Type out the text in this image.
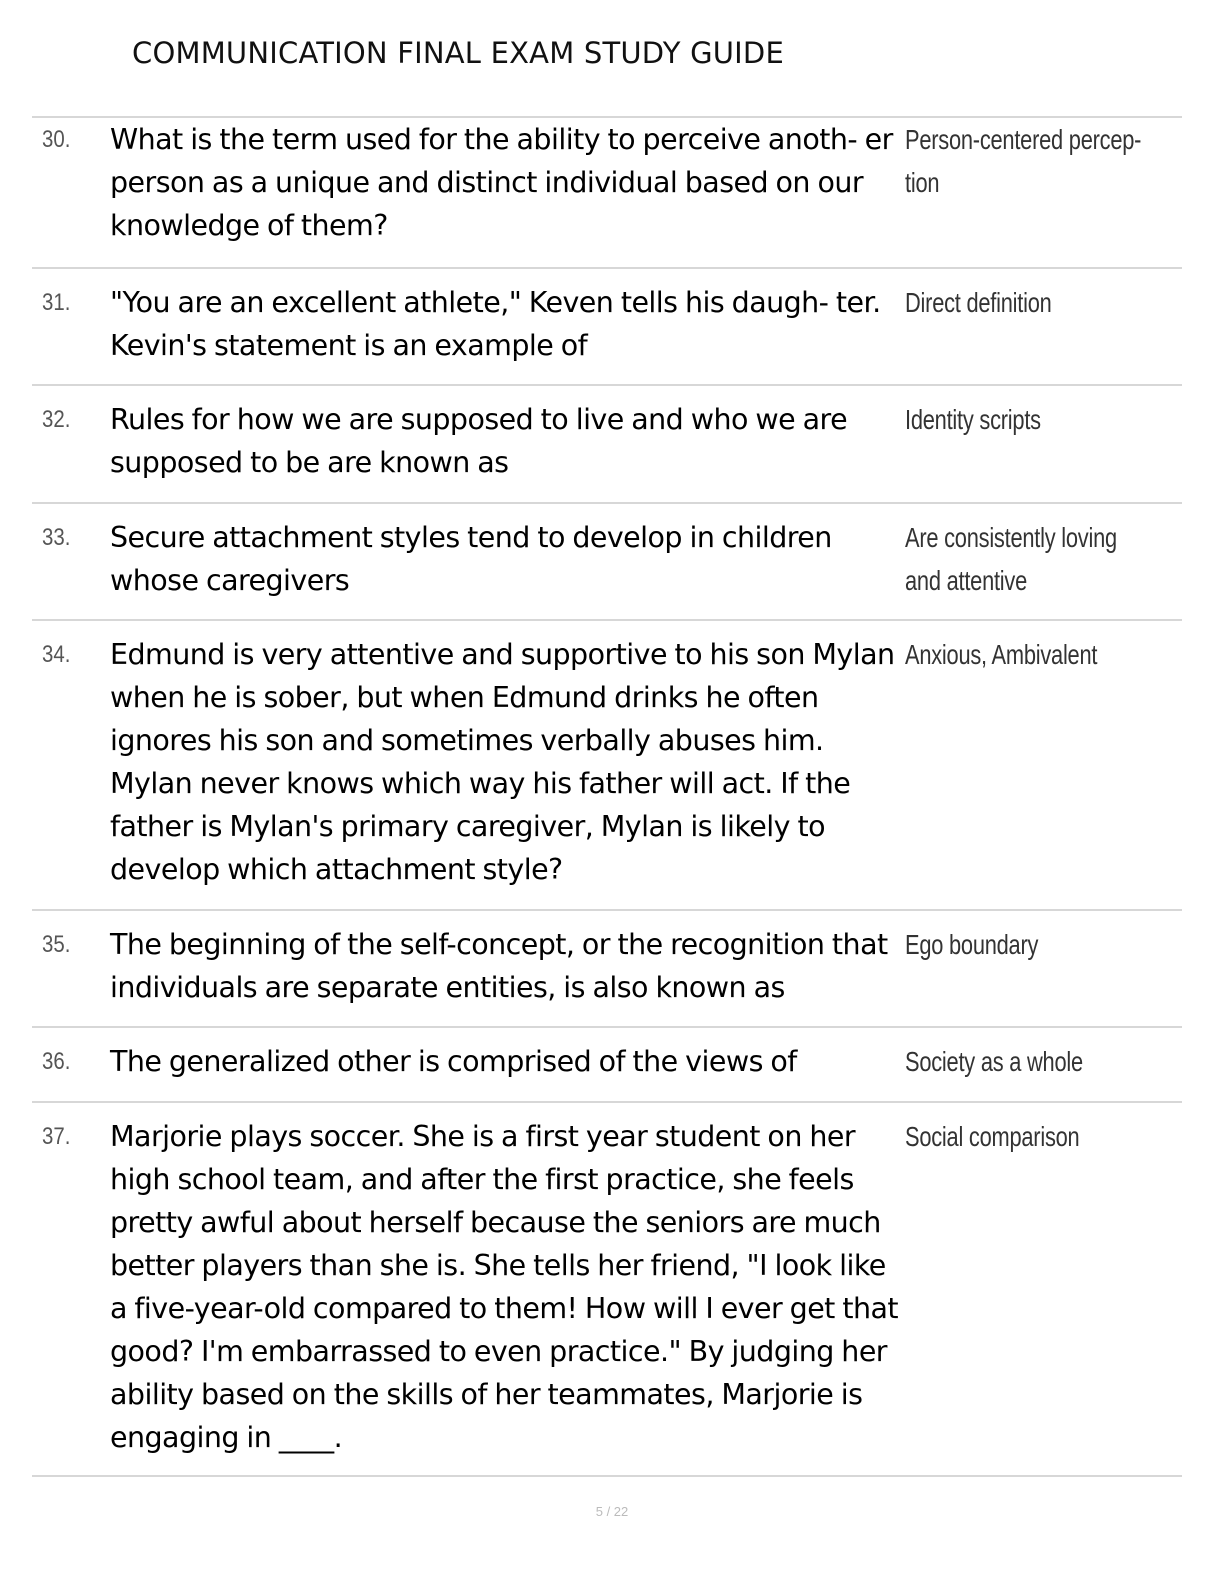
COMMUNICATION FINAL EXAM STUDY GUIDE
30. What is the term used for the ability to perceive anoth- er person as a unique and distinct individual based on our knowledge of them?
Person-centered percep- tion
31. "You are an excellent athlete," Keven tells his daugh- ter. Kevin's statement is an example of
Direct definition
32. Rules for how we are supposed to live and who we are supposed to be are known as
Identity scripts
33. Secure attachment styles tend to develop in children whose caregivers
Are consistently loving and attentive
34. Edmund is very attentive and supportive to his son Mylan when he is sober, but when Edmund drinks he often ignores his son and sometimes verbally abuses him. Mylan never knows which way his father will act. If the father is Mylan's primary caregiver, Mylan is likely to develop which attachment style?
Anxious, Ambivalent
35. The beginning of the self-concept, or the recognition that individuals are separate entities, is also known as
Ego boundary
36. The generalized other is comprised of the views of	Society as a whole
37. Marjorie plays soccer. She is a first year student on her high school team, and after the first practice, she feels pretty awful about herself because the seniors are much better players than she is. She tells her friend, "I look like a five-year-old compared to them! How will I ever get that good? I'm embarrassed to even practice." By judging her ability based on the skills of her teammates, Marjorie is engaging in ____.
Social comparison
5 / 22
